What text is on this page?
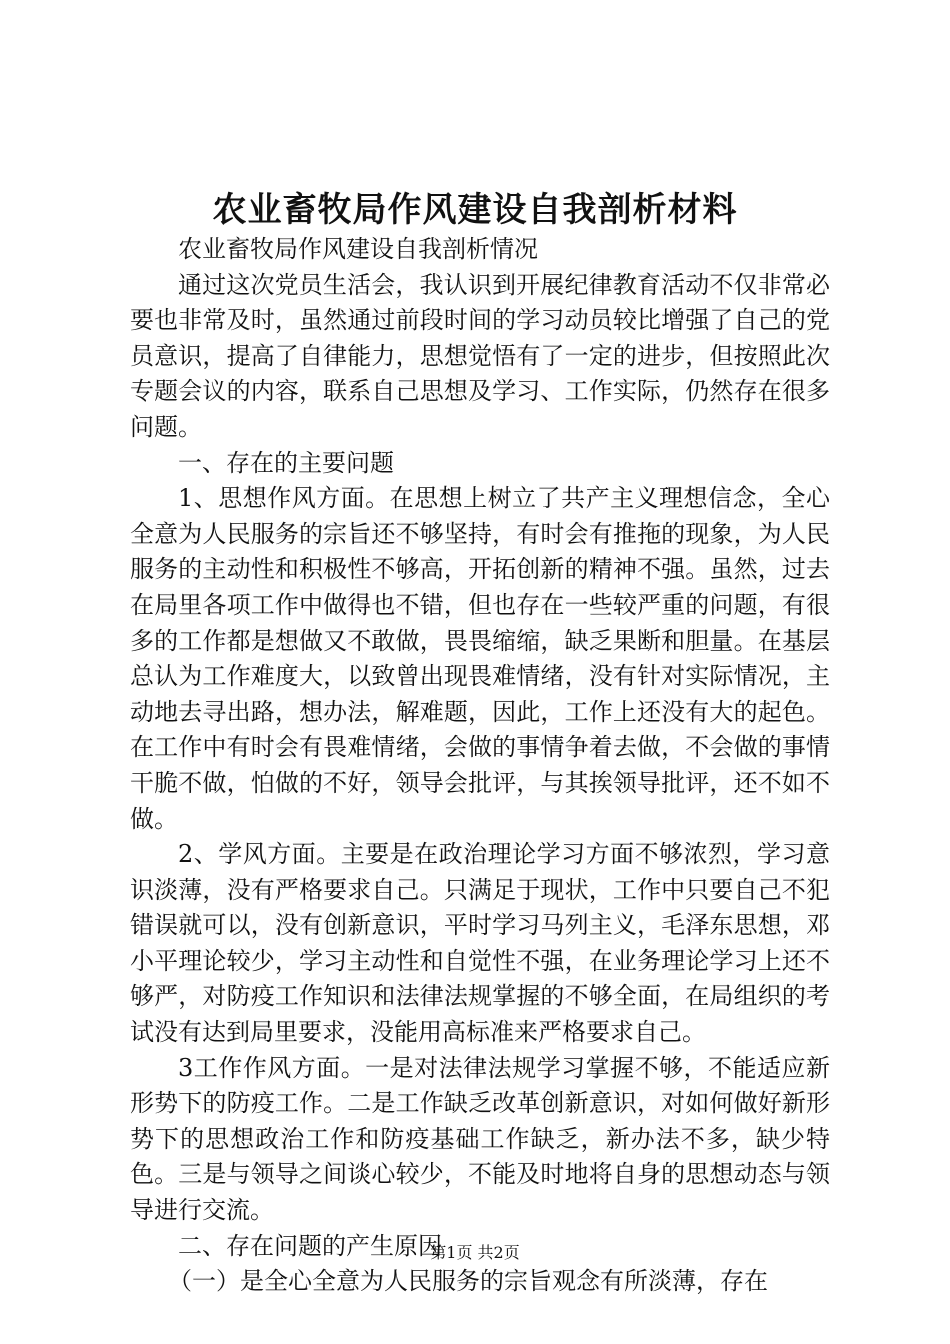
农业畜牧局作风建设自我剖析材料

农业畜牧局作风建设自我剖析情况

通过这次党员生活会，我认识到开展纪律教育活动不仅非常必要也非常及时，虽然通过前段时间的学习动员较比增强了自己的党员意识，提高了自律能力，思想觉悟有了一定的进步，但按照此次专题会议的内容，联系自己思想及学习、工作实际，仍然存在很多问题。

一、存在的主要问题

1、思想作风方面。在思想上树立了共产主义理想信念，全心全意为人民服务的宗旨还不够坚持，有时会有推拖的现象，为人民服务的主动性和积极性不够高，开拓创新的精神不强。虽然，过去在局里各项工作中做得也不错，但也存在一些较严重的问题，有很多的工作都是想做又不敢做，畏畏缩缩，缺乏果断和胆量。在基层总认为工作难度大，以致曾出现畏难情绪，没有针对实际情况，主动地去寻出路，想办法，解难题，因此，工作上还没有大的起色。在工作中有时会有畏难情绪，会做的事情争着去做，不会做的事情干脆不做，怕做的不好，领导会批评，与其挨领导批评，还不如不做。

2、学风方面。主要是在政治理论学习方面不够浓烈，学习意识淡薄，没有严格要求自己。只满足于现状，工作中只要自己不犯错误就可以，没有创新意识，平时学习马列主义，毛泽东思想，邓小平理论较少，学习主动性和自觉性不强，在业务理论学习上还不够严，对防疫工作知识和法律法规掌握的不够全面，在局组织的考试没有达到局里要求，没能用高标准来严格要求自己。

3工作作风方面。一是对法律法规学习掌握不够，不能适应新形势下的防疫工作。二是工作缺乏改革创新意识，对如何做好新形势下的思想政治工作和防疫基础工作缺乏，新办法不多，缺少特色。三是与领导之间谈心较少，不能及时地将自身的思想动态与领导进行交流。

二、存在问题的产生原因

（一）是全心全意为人民服务的宗旨观念有所淡薄，存在

第1页 共2页
